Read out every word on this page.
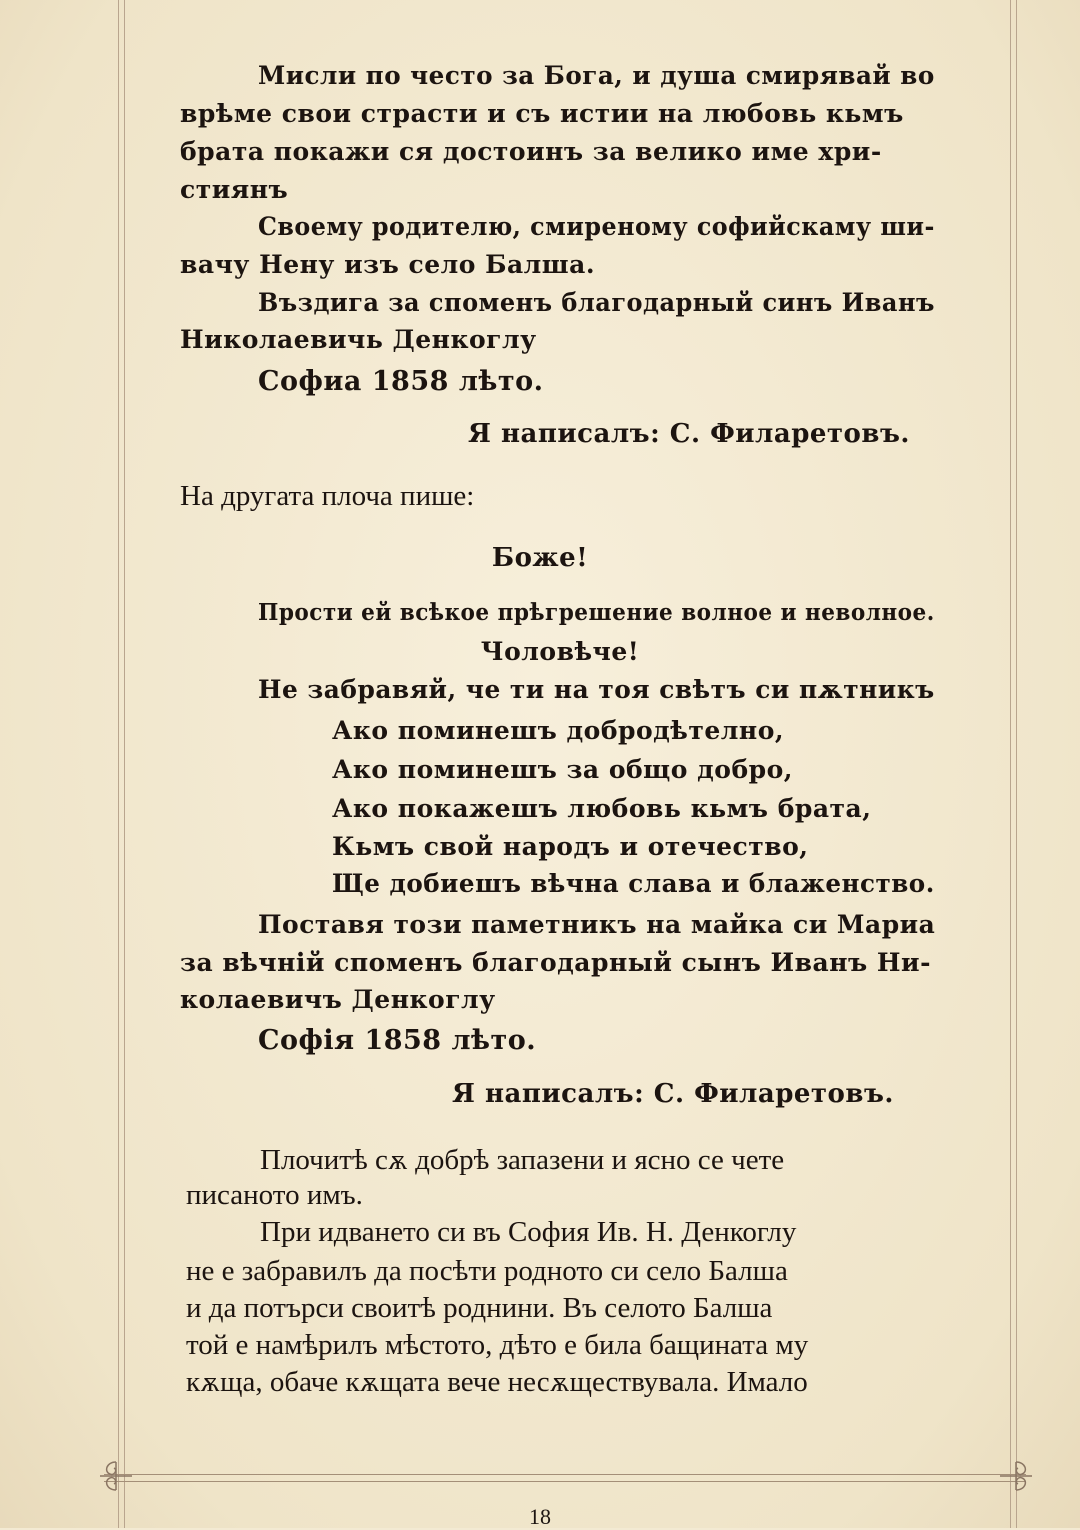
Мисли по често за Бога, и душа смирявай во
врѣме свои страсти и съ истии на любовь кьмъ
брата покажи ся достоинъ за велико име хри-
стиянъ
Своему родителю, смиреному софийскаму ши-
вачу Нену изъ село Балша.
Въздига за споменъ благодарный синъ Иванъ
Николаевичь Денкоглу
Софиа 1858 лѣто.
Я написалъ: С. Филаретовъ.
На другата плоча пише:
Боже!
Прости ей всѣкое прѣгрешение волное и неволное.
Чоловѣче!
Не забравяй, че ти на тоя свѣтъ си пѫтникъ
Ако поминешъ добродѣтелно,
Ако поминешъ за общо добро,
Ако покажешъ любовь кьмъ брата,
Кьмъ свой народъ и отечество,
Ще добиешъ вѣчна слава и блаженство.
Поставя този паметникъ на майка си Мариа
за вѣчній споменъ благодарный сынъ Иванъ Ни-
колаевичъ Денкоглу
Софія 1858 лѣто.
Я написалъ: С. Филаретовъ.
Плочитѣ сѫ добрѣ запазени и ясно се чете
писаното имъ.
При идването си въ София Ив. Н. Денкоглу
не е забравилъ да посѣти родното си село Балша
и да потърси своитѣ роднини. Въ селото Балша
той е намѣрилъ мѣстото, дѣто е била бащината му
кѫща, обаче кѫщата вече несѫществувала. Имало
18
